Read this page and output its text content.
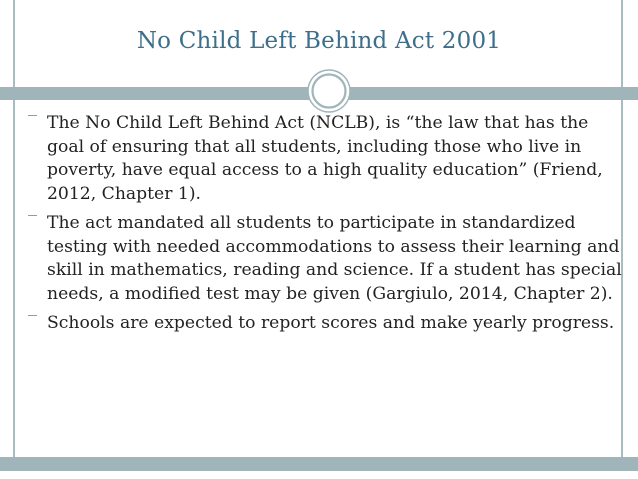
No Child Left Behind Act 2001
The No Child Left Behind Act (NCLB), is “the law that has the goal of ensuring that all students, including those who live in poverty, have equal access to a high quality education” (Friend, 2012, Chapter 1).
The act mandated all students to participate in standardized testing with needed accommodations to assess their learning and skill in mathematics, reading and science. If a student has special needs, a modified test may be given (Gargiulo, 2014, Chapter 2).
Schools are expected to report scores and make yearly progress.
